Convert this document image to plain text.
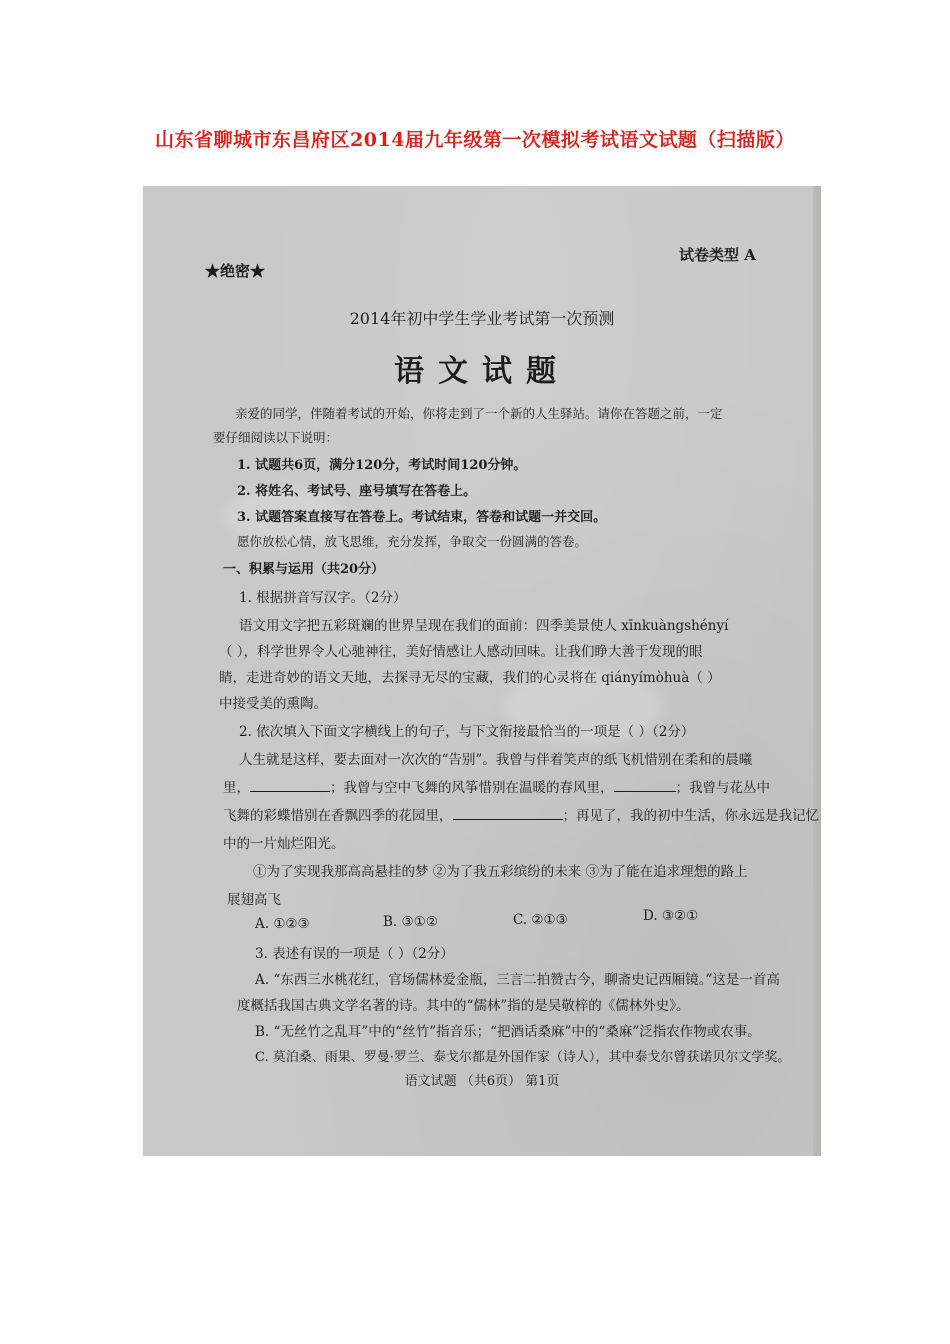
山东省聊城市东昌府区2014届九年级第一次模拟考试语文试题（扫描版）
★绝密★
试卷类型 A
2014年初中学生学业考试第一次预测
语文试题
亲爱的同学，伴随着考试的开始，你将走到了一个新的人生驿站。请你在答题之前，一定
要仔细阅读以下说明：
1. 试题共6页，满分120分，考试时间120分钟。
2. 将姓名、考试号、座号填写在答卷上。
3. 试题答案直接写在答卷上。考试结束，答卷和试题一并交回。
愿你放松心情，放飞思维，充分发挥，争取交一份圆满的答卷。
一、积累与运用（共20分）
1. 根据拼音写汉字。（2分）
语文用文字把五彩斑斓的世界呈现在我们的面前：四季美景使人 xīnkuàngshényí
（ ），科学世界令人心驰神往，美好情感让人感动回味。让我们睁大善于发现的眼
睛，走进奇妙的语文天地，去探寻无尽的宝藏，我们的心灵将在 qiányímòhuà（ ）
中接受美的熏陶。
2. 依次填入下面文字横线上的句子，与下文衔接最恰当的一项是（ ）（2分）
人生就是这样，要去面对一次次的“告别”。我曾与伴着笑声的纸飞机惜别在柔和的晨曦
里，	；我曾与空中飞舞的风筝惜别在温暖的春风里，	；我曾与花丛中
飞舞的彩蝶惜别在香飘四季的花园里，	；再见了，我的初中生活，你永远是我记忆
中的一片灿烂阳光。
①为了实现我那高高悬挂的梦 ②为了我五彩缤纷的未来 ③为了能在追求理想的路上
展翅高飞
A. ①②③	B. ③①②	C. ②①③	D. ③②①
3. 表述有误的一项是（ ）（2分）
A. “东西三水桃花红，官场儒林爱金瓶，三言二拍赞古今，聊斋史记西厢镜。”这是一首高
度概括我国古典文学名著的诗。其中的“儒林”指的是吴敬梓的《儒林外史》。
B. “无丝竹之乱耳”中的“丝竹”指音乐；“把酒话桑麻”中的“桑麻”泛指农作物或农事。
C. 莫泊桑、雨果、罗曼·罗兰、泰戈尔都是外国作家（诗人），其中泰戈尔曾获诺贝尔文学奖。
语文试题 （共6页） 第1页
